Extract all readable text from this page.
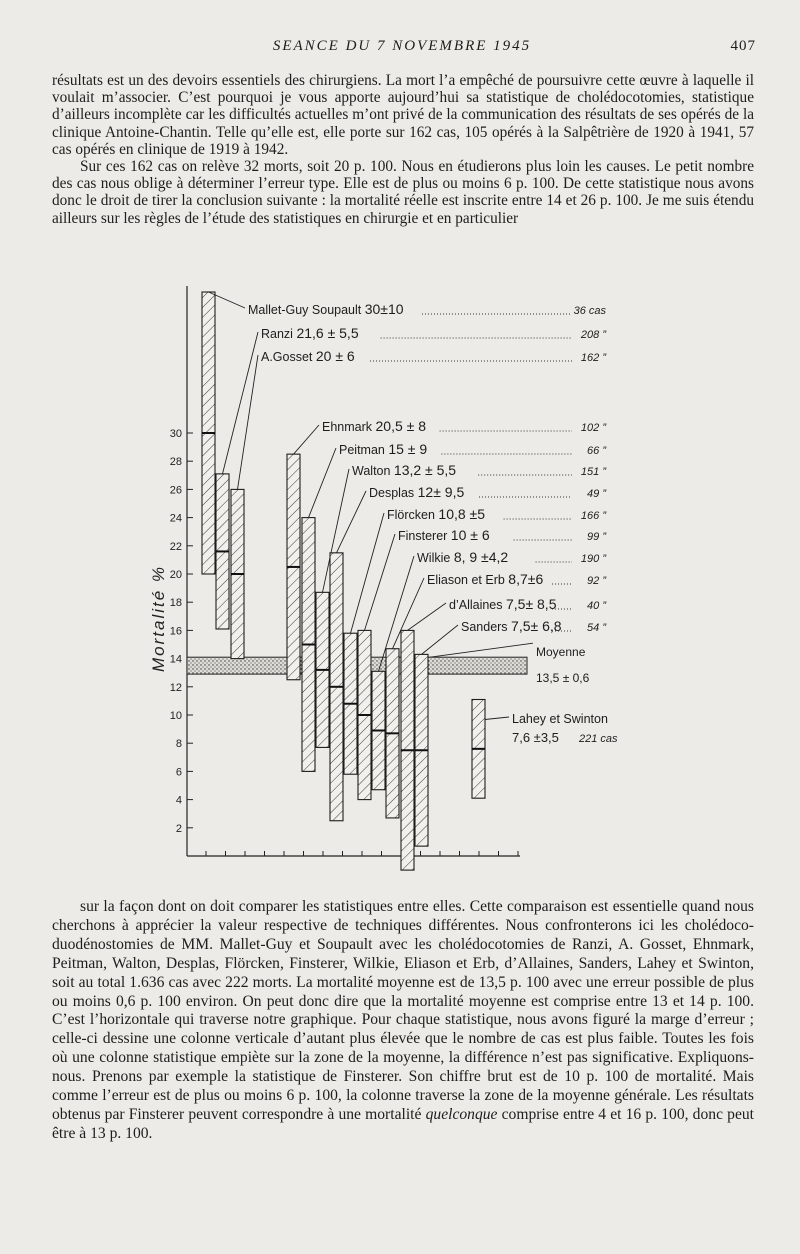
SEANCE DU 7 NOVEMBRE 1945	407

résultats est un des devoirs essentiels des chirurgiens. La mort l’a empêché de poursuivre cette œuvre à laquelle il voulait m’associer. C’est pourquoi je vous apporte aujourd’hui sa statistique de cholédocotomies, statistique d’ailleurs incomplète car les difficultés actuelles m’ont privé de la communication des résultats de ses opérés de la clinique Antoine-Chantin. Telle qu’elle est, elle porte sur 162 cas, 105 opérés à la Salpêtrière de 1920 à 1941, 57 cas opérés en clinique de 1919 à 1942.

Sur ces 162 cas on relève 32 morts, soit 20 p. 100. Nous en étudierons plus loin les causes. Le petit nombre des cas nous oblige à déterminer l’erreur type. Elle est de plus ou moins 6 p. 100. De cette statistique nous avons donc le droit de tirer la conclusion suivante : la mortalité réelle est inscrite entre 14 et 26 p. 100. Je me suis étendu ailleurs sur les règles de l’étude des statistiques en chirurgie et en particulier

2
4
6
8
10
12
14
16
18
20
22
24
26
28
30
Mortalité %
Mallet-Guy Soupault 30±10	36 cas
Ranzi 21,6 ± 5,5	208 ”
A.Gosset 20 ± 6	162 ”
Ehnmark 20,5 ± 8	102 ”
Peitman 15 ± 9	66 ”
Walton 13,2 ± 5,5	151 ”
Desplas 12± 9,5	49 ”
Flörcken 10,8 ±5	166 ”
Finsterer 10 ± 6	99 ”
Wilkie 8, 9 ±4,2	190 ”
Eliason et Erb 8,7±6	92 ”
d’Allaines 7,5± 8,5	40 ”
Sanders 7,5± 6,8 54 ”
Lahey et Swinton
7,6 ±3,5 221 cas
Moyenne
13,5 ± 0,6

sur la façon dont on doit comparer les statistiques entre elles. Cette comparaison est essentielle quand nous cherchons à apprécier la valeur respective de techniques différentes. Nous confronterons ici les cholédoco-duodénostomies de MM. Mallet-Guy et Soupault avec les cholédocotomies de Ranzi, A. Gosset, Ehnmark, Peitman, Walton, Desplas, Flörcken, Finsterer, Wilkie, Eliason et Erb, d’Allaines, Sanders, Lahey et Swinton, soit au total 1.636 cas avec 222 morts. La mortalité moyenne est de 13,5 p. 100 avec une erreur possible de plus ou moins 0,6 p. 100 environ. On peut donc dire que la mortalité moyenne est comprise entre 13 et 14 p. 100. C’est l’horizontale qui traverse notre graphique. Pour chaque statistique, nous avons figuré la marge d’erreur ; celle-ci dessine une colonne verticale d’autant plus élevée que le nombre de cas est plus faible. Toutes les fois où une colonne statistique empiète sur la zone de la moyenne, la différence n’est pas significative. Expliquons-nous. Prenons par exemple la statistique de Finsterer. Son chiffre brut est de 10 p. 100 de mortalité. Mais comme l’erreur est de plus ou moins 6 p. 100, la colonne traverse la zone de la moyenne générale. Les résultats obtenus par Finsterer peuvent correspondre à une mortalité quelconque comprise entre 4 et 16 p. 100, donc peut être à 13 p. 100.
